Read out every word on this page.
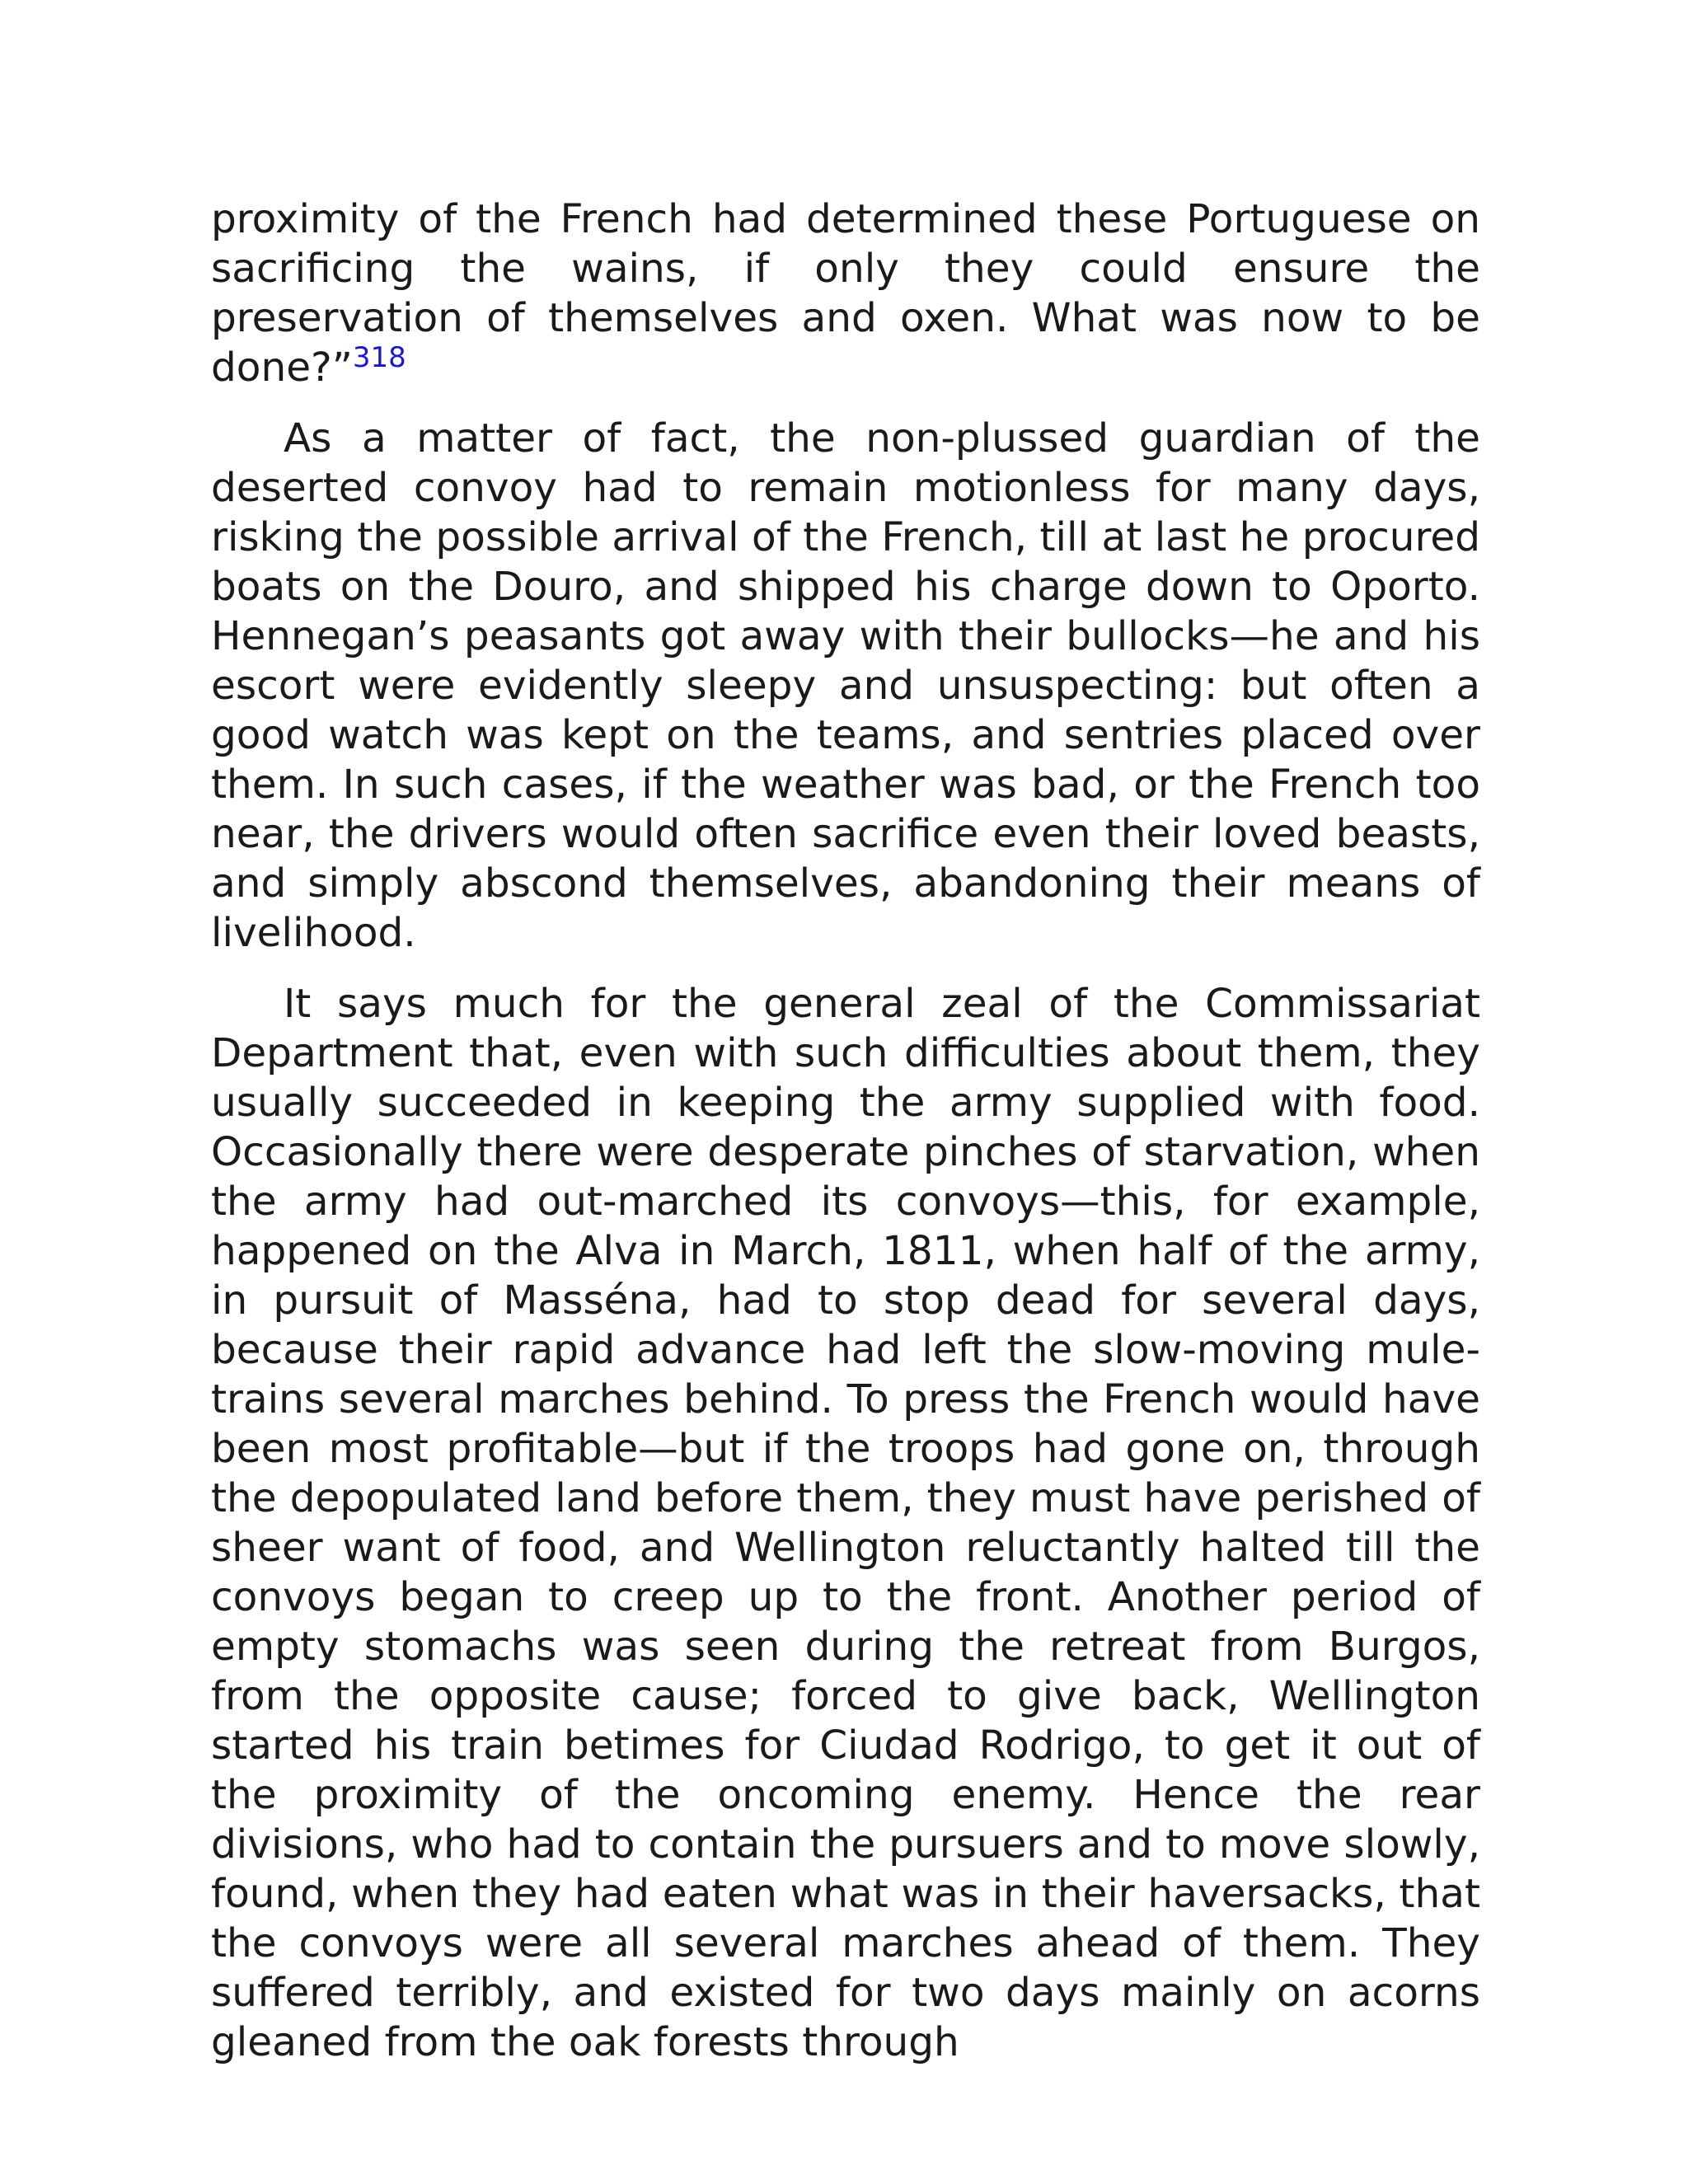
proximity of the French had determined these Portuguese on sacrificing the wains, if only they could ensure the preservation of themselves and oxen. What was now to be done?”$^{318}$

As a matter of fact, the non-plussed guardian of the deserted convoy had to remain motionless for many days, risking the possible arrival of the French, till at last he procured boats on the Douro, and shipped his charge down to Oporto. Hennegan’s peasants got away with their bullocks—he and his escort were evidently sleepy and unsuspecting: but often a good watch was kept on the teams, and sentries placed over them. In such cases, if the weather was bad, or the French too near, the drivers would often sacrifice even their loved beasts, and simply abscond themselves, abandoning their means of livelihood.

It says much for the general zeal of the Commissariat Department that, even with such difficulties about them, they usually succeeded in keeping the army supplied with food. Occasionally there were desperate pinches of starvation, when the army had out-marched its convoys—this, for example, happened on the Alva in March, 1811, when half of the army, in pursuit of Masséna, had to stop dead for several days, because their rapid advance had left the slow-moving mule-trains several marches behind. To press the French would have been most profitable—but if the troops had gone on, through the depopulated land before them, they must have perished of sheer want of food, and Wellington reluctantly halted till the convoys began to creep up to the front. Another period of empty stomachs was seen during the retreat from Burgos, from the opposite cause; forced to give back, Wellington started his train betimes for Ciudad Rodrigo, to get it out of the proximity of the oncoming enemy. Hence the rear divisions, who had to contain the pursuers and to move slowly, found, when they had eaten what was in their haversacks, that the convoys were all several marches ahead of them. They suffered terribly, and existed for two days mainly on acorns gleaned from the oak forests through
